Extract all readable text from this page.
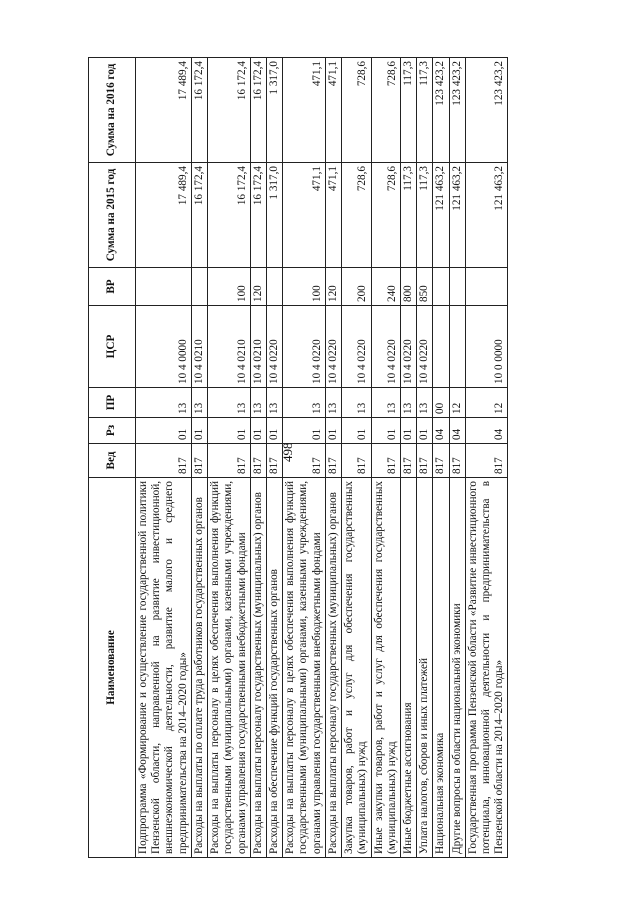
498
Наименование	Вед	Рз	ПР	ЦСР	ВР	Сумма на 2015 год	Сумма на 2016 год
Подпрограмма «Формирование и осуществление государственной политики Пензенской области, направленной на развитие инвестиционной, внешнеэкономической деятельности, развитие малого и среднего предпринимательства на 2014–2020 годы»	817	01	13	10 4 0000		17 489,4	17 489,4
Расходы на выплаты по оплате труда работников государственных органов	817	01	13	10 4 0210		16 172,4	16 172,4
Расходы на выплаты персоналу в целях обеспечения выполнения функций государственными (муниципальными) органами, казенными учреждениями, органами управления государственными внебюджетными фондами	817	01	13	10 4 0210	100	16 172,4	16 172,4
Расходы на выплаты персоналу государственных (муниципальных) органов	817	01	13	10 4 0210	120	16 172,4	16 172,4
Расходы на обеспечение функций государственных органов	817	01	13	10 4 0220		1 317,0	1 317,0
Расходы на выплаты персоналу в целях обеспечения выполнения функций государственными (муниципальными) органами, казенными учреждениями, органами управления государственными внебюджетными фондами	817	01	13	10 4 0220	100	471,1	471,1
Расходы на выплаты персоналу государственных (муниципальных) органов	817	01	13	10 4 0220	120	471,1	471,1
Закупка товаров, работ и услуг для обеспечения государственных (муниципальных) нужд	817	01	13	10 4 0220	200	728,6	728,6
Иные закупки товаров, работ и услуг для обеспечения государственных (муниципальных) нужд	817	01	13	10 4 0220	240	728,6	728,6
Иные бюджетные ассигнования	817	01	13	10 4 0220	800	117,3	117,3
Уплата налогов, сборов и иных платежей	817	01	13	10 4 0220	850	117,3	117,3
Национальная экономика	817	04	00			121 463,2	123 423,2
Другие вопросы в области национальной экономики	817	04	12			121 463,2	123 423,2
Государственная программа Пензенской области «Развитие инвестиционного потенциала, инновационной деятельности и предпринимательства в Пензенской области на 2014–2020 годы»	817	04	12	10 0 0000		121 463,2	123 423,2
